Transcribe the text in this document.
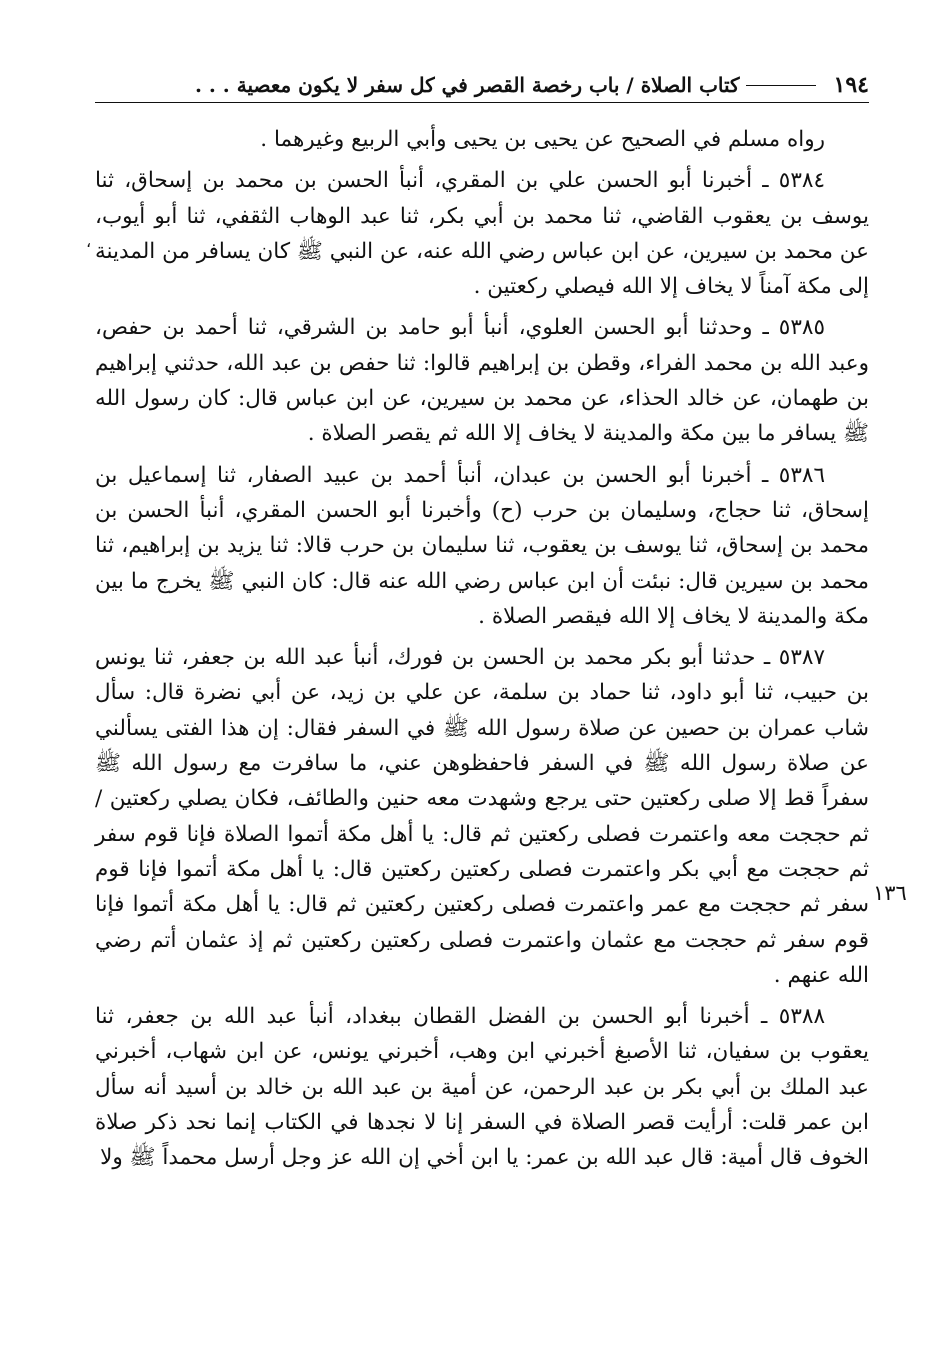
١٩٤
كتاب الصلاة / باب رخصة القصر في كل سفر لا يكون معصية . . .
،
١٣٦

رواه مسلم في الصحيح عن يحيى بن يحيى وأبي الربيع وغيرهما .

٥٣٨٤ ـ أخبرنا أبو الحسن علي بن المقري، أنبأ الحسن بن محمد بن إسحاق، ثنا يوسف بن يعقوب القاضي، ثنا محمد بن أبي بكر، ثنا عبد الوهاب الثقفي، ثنا أبو أيوب، عن محمد بن سيرين، عن ابن عباس رضي الله عنه، عن النبي ﷺ كان يسافر من المدينة إلى مكة آمناً لا يخاف إلا الله فيصلي ركعتين .

٥٣٨٥ ـ وحدثنا أبو الحسن العلوي، أنبأ أبو حامد بن الشرقي، ثنا أحمد بن حفص، وعبد الله بن محمد الفراء، وقطن بن إبراهيم قالوا: ثنا حفص بن عبد الله، حدثني إبراهيم بن طهمان، عن خالد الحذاء، عن محمد بن سيرين، عن ابن عباس قال: كان رسول الله ﷺ يسافر ما بين مكة والمدينة لا يخاف إلا الله ثم يقصر الصلاة .

٥٣٨٦ ـ أخبرنا أبو الحسن بن عبدان، أنبأ أحمد بن عبيد الصفار، ثنا إسماعيل بن إسحاق، ثنا حجاج، وسليمان بن حرب (ح) وأخبرنا أبو الحسن المقري، أنبأ الحسن بن محمد بن إسحاق، ثنا يوسف بن يعقوب، ثنا سليمان بن حرب قالا: ثنا يزيد بن إبراهيم، ثنا محمد بن سيرين قال: نبئت أن ابن عباس رضي الله عنه قال: كان النبي ﷺ يخرج ما بين مكة والمدينة لا يخاف إلا الله فيقصر الصلاة .

٥٣٨٧ ـ حدثنا أبو بكر محمد بن الحسن بن فورك، أنبأ عبد الله بن جعفر، ثنا يونس بن حبيب، ثنا أبو داود، ثنا حماد بن سلمة، عن علي بن زيد، عن أبي نضرة قال: سأل شاب عمران بن حصين عن صلاة رسول الله ﷺ في السفر فقال: إن هذا الفتى يسألني عن صلاة رسول الله ﷺ في السفر فاحفظوهن عني، ما سافرت مع رسول الله ﷺ سفراً قط إلا صلى ركعتين حتى يرجع وشهدت معه حنين والطائف، فكان يصلي ركعتين / ثم حججت معه واعتمرت فصلى ركعتين ثم قال: يا أهل مكة أتموا الصلاة فإنا قوم سفر ثم حججت مع أبي بكر واعتمرت فصلى ركعتين ركعتين قال: يا أهل مكة أتموا فإنا قوم سفر ثم حججت مع عمر واعتمرت فصلى ركعتين ركعتين ثم قال: يا أهل مكة أتموا فإنا قوم سفر ثم حججت مع عثمان واعتمرت فصلى ركعتين ركعتين ثم إذ عثمان أتم رضي الله عنهم .

٥٣٨٨ ـ أخبرنا أبو الحسن بن الفضل القطان ببغداد، أنبأ عبد الله بن جعفر، ثنا يعقوب بن سفيان، ثنا الأصبغ أخبرني ابن وهب، أخبرني يونس، عن ابن شهاب، أخبرني عبد الملك بن أبي بكر بن عبد الرحمن، عن أمية بن عبد الله بن خالد بن أسيد أنه سأل ابن عمر قلت: أرأيت قصر الصلاة في السفر إنا لا نجدها في الكتاب إنما نحد ذكر صلاة الخوف قال أمية: قال عبد الله بن عمر: يا ابن أخي إن الله عز وجل أرسل محمداً ﷺ ولا
